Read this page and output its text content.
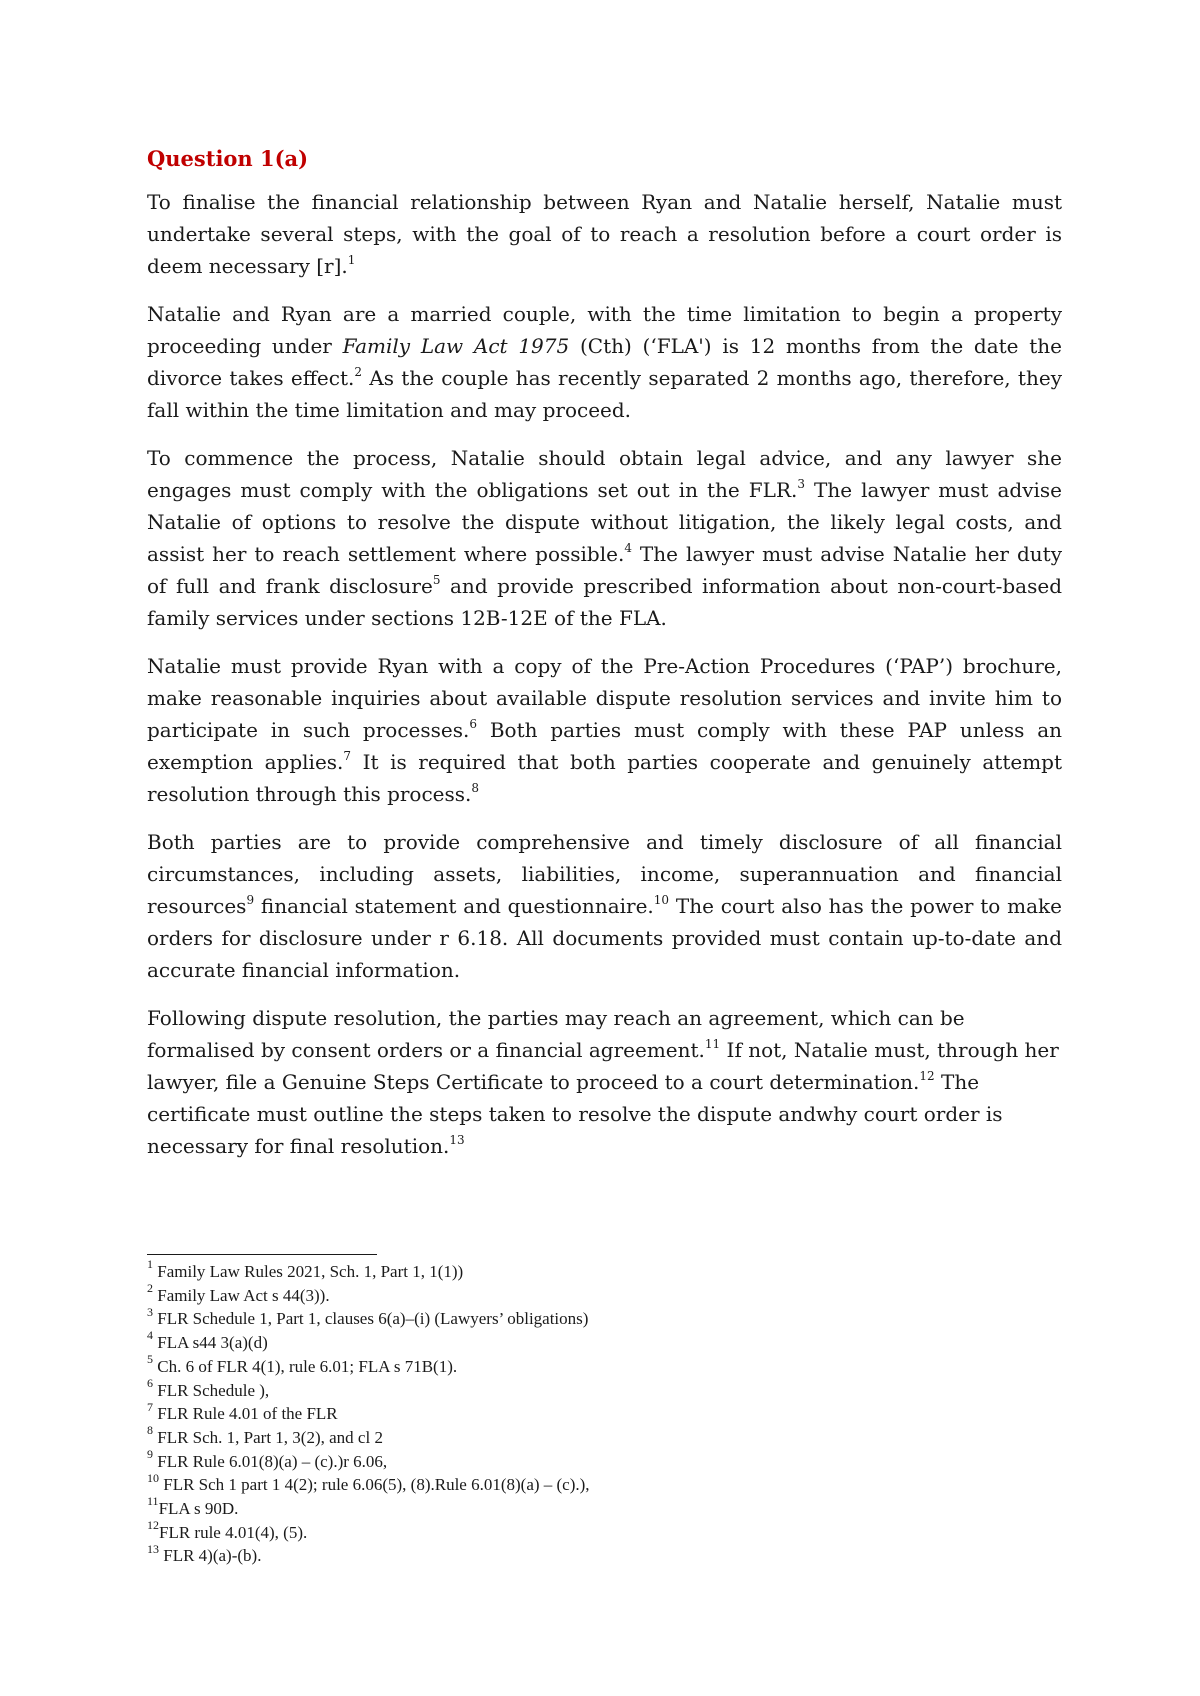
Question 1(a)

To finalise the financial relationship between Ryan and Natalie herself, Natalie must undertake several steps, with the goal of to reach a resolution before a court order is deem necessary [r].$^1$

Natalie and Ryan are a married couple, with the time limitation to begin a property proceeding under Family Law Act 1975 (Cth) (‘FLA') is 12 months from the date the divorce takes effect.$^2$ As the couple has recently separated 2 months ago, therefore, they fall within the time limitation and may proceed.

To commence the process, Natalie should obtain legal advice, and any lawyer she engages must comply with the obligations set out in the FLR.$^3$ The lawyer must advise Natalie of options to resolve the dispute without litigation, the likely legal costs, and assist her to reach settlement where possible.$^4$ The lawyer must advise Natalie her duty of full and frank disclosure$^5$ and provide prescribed information about non-court-based family services under sections 12B-12E of the FLA.

Natalie must provide Ryan with a copy of the Pre-Action Procedures (‘PAP’) brochure, make reasonable inquiries about available dispute resolution services and invite him to participate in such processes.$^6$ Both parties must comply with these PAP unless an exemption applies.$^7$ It is required that both parties cooperate and genuinely attempt resolution through this process.$^8$

Both parties are to provide comprehensive and timely disclosure of all financial circumstances, including assets, liabilities, income, superannuation and financial resources$^9$ financial statement and questionnaire.$^{10}$ The court also has the power to make orders for disclosure under r 6.18. All documents provided must contain up-to-date and accurate financial information.

Following dispute resolution, the parties may reach an agreement, which can be formalised by consent orders or a financial agreement.$^{11}$ If not, Natalie must, through her lawyer, file a Genuine Steps Certificate to proceed to a court determination.$^{12}$ The certificate must outline the steps taken to resolve the dispute andwhy court order is necessary for final resolution.$^{13}$

$^1$ Family Law Rules 2021, Sch. 1, Part 1, 1(1))
$^2$ Family Law Act s 44(3)).
$^3$ FLR Schedule 1, Part 1, clauses 6(a)–(i) (Lawyers’ obligations)
$^4$ FLA s44 3(a)(d)
$^5$ Ch. 6 of FLR 4(1), rule 6.01; FLA s 71B(1).
$^6$ FLR Schedule ),
$^7$ FLR Rule 4.01 of the FLR
$^8$ FLR Sch. 1, Part 1, 3(2), and cl 2
$^9$ FLR Rule 6.01(8)(a) – (c).)r 6.06,
$^{10}$ FLR Sch 1 part 1 4(2); rule 6.06(5), (8).Rule 6.01(8)(a) – (c).),
$^{11}$FLA s 90D.
$^{12}$FLR rule 4.01(4), (5).
$^{13}$ FLR 4)(a)-(b).
